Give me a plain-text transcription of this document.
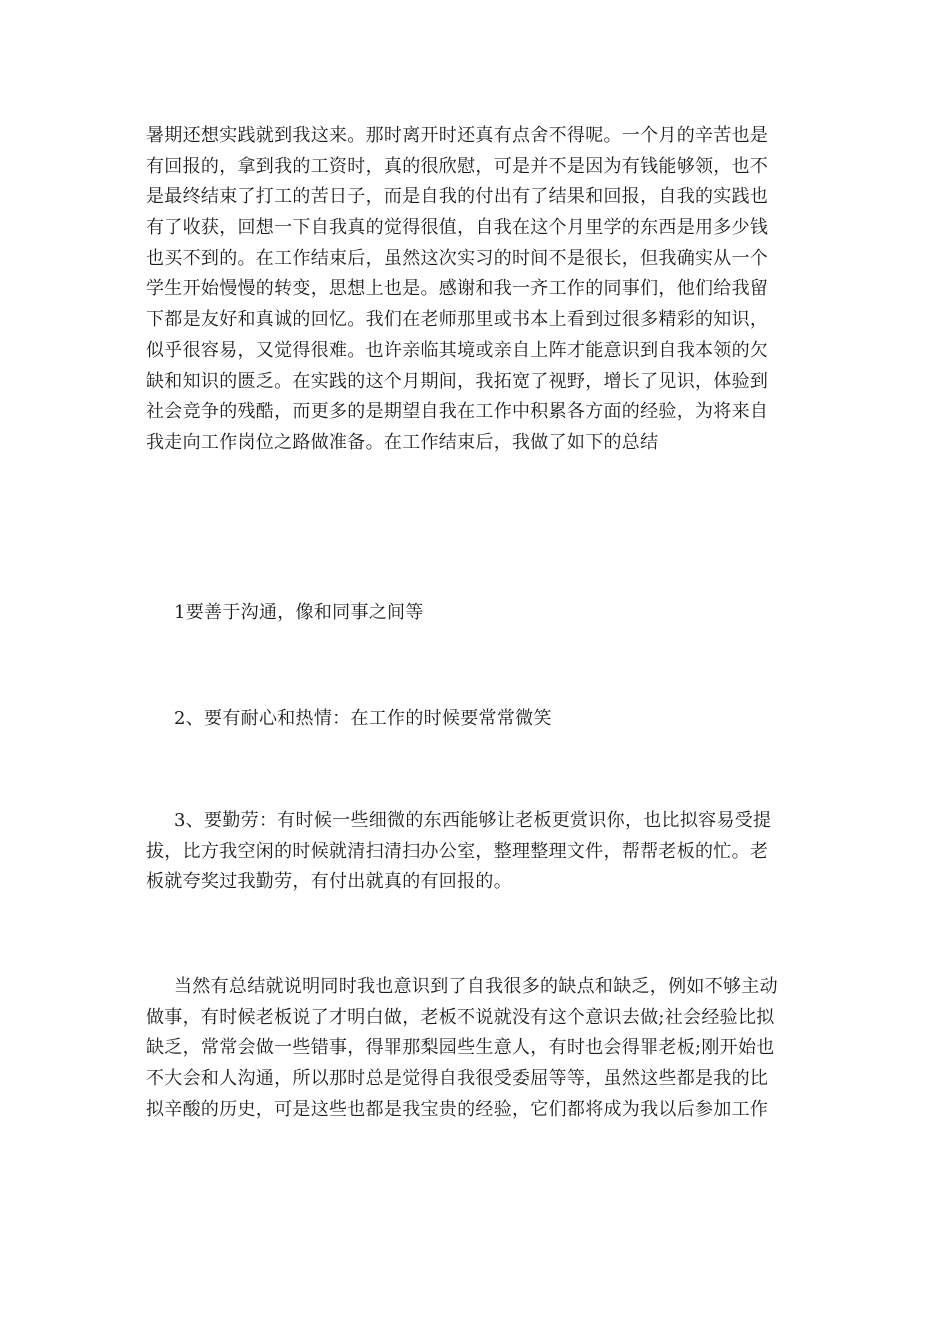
暑期还想实践就到我这来。那时离开时还真有点舍不得呢。一个月的辛苦也是
有回报的，拿到我的工资时，真的很欣慰，可是并不是因为有钱能够领，也不
是最终结束了打工的苦日子，而是自我的付出有了结果和回报，自我的实践也
有了收获，回想一下自我真的觉得很值，自我在这个月里学的东西是用多少钱
也买不到的。在工作结束后，虽然这次实习的时间不是很长，但我确实从一个
学生开始慢慢的转变，思想上也是。感谢和我一齐工作的同事们，他们给我留
下都是友好和真诚的回忆。我们在老师那里或书本上看到过很多精彩的知识，
似乎很容易，又觉得很难。也许亲临其境或亲自上阵才能意识到自我本领的欠
缺和知识的匮乏。在实践的这个月期间，我拓宽了视野，增长了见识，体验到
社会竞争的残酷，而更多的是期望自我在工作中积累各方面的经验，为将来自
我走向工作岗位之路做准备。在工作结束后，我做了如下的总结
1要善于沟通，像和同事之间等
2、要有耐心和热情：在工作的时候要常常微笑
3、要勤劳：有时候一些细微的东西能够让老板更赏识你，也比拟容易受提
拔，比方我空闲的时候就清扫清扫办公室，整理整理文件，帮帮老板的忙。老
板就夸奖过我勤劳，有付出就真的有回报的。
当然有总结就说明同时我也意识到了自我很多的缺点和缺乏，例如不够主动
做事，有时候老板说了才明白做，老板不说就没有这个意识去做;社会经验比拟
缺乏，常常会做一些错事，得罪那梨园些生意人，有时也会得罪老板;刚开始也
不大会和人沟通，所以那时总是觉得自我很受委屈等等，虽然这些都是我的比
拟辛酸的历史，可是这些也都是我宝贵的经验，它们都将成为我以后参加工作
